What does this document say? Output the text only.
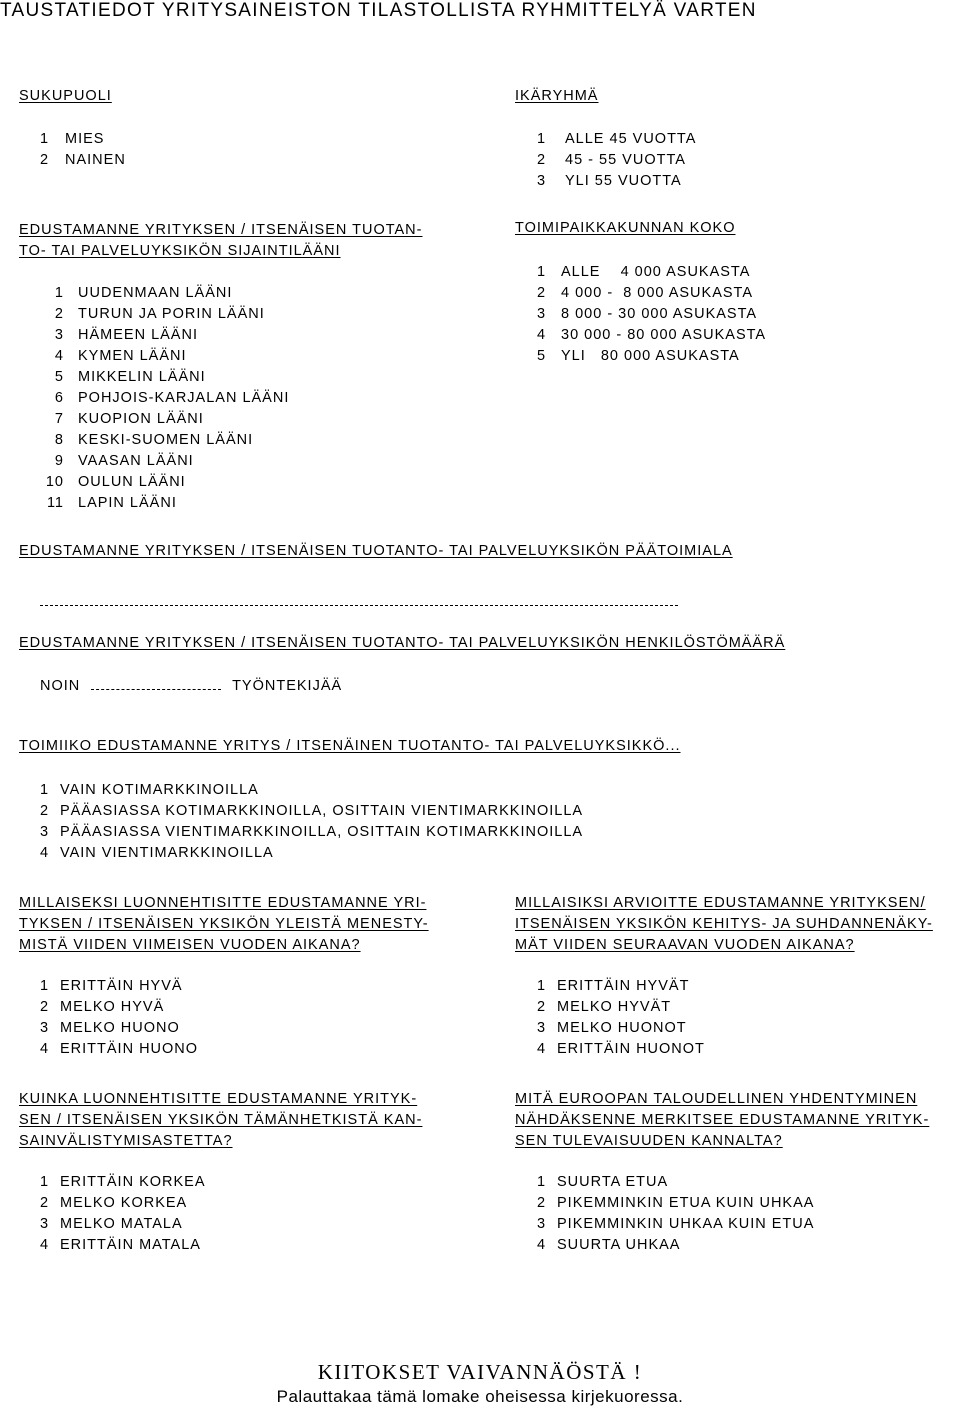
TAUSTATIEDOT YRITYSAINEISTON TILASTOLLISTA RYHMITTELYÄ VARTEN
SUKUPUOLI
1 MIES
2 NAINEN
IKÄRYHMÄ
1 ALLE 45 VUOTTA
2 45 - 55 VUOTTA
3 YLI 55 VUOTTA
EDUSTAMANNE YRITYKSEN / ITSENÄISEN TUOTAN-
TO- TAI PALVELUYKSIKÖN SIJAINTILÄÄNI
1 UUDENMAAN LÄÄNI
2 TURUN JA PORIN LÄÄNI
3 HÄMEEN LÄÄNI
4 KYMEN LÄÄNI
5 MIKKELIN LÄÄNI
6 POHJOIS-KARJALAN LÄÄNI
7 KUOPION LÄÄNI
8 KESKI-SUOMEN LÄÄNI
9 VAASAN LÄÄNI
10 OULUN LÄÄNI
11 LAPIN LÄÄNI
TOIMIPAIKKAKUNNAN KOKO
1 ALLE    4 000 ASUKASTA
2 4 000 -  8 000 ASUKASTA
3 8 000 - 30 000 ASUKASTA
4 30 000 - 80 000 ASUKASTA
5 YLI   80 000 ASUKASTA
EDUSTAMANNE YRITYKSEN / ITSENÄISEN TUOTANTO- TAI PALVELUYKSIKÖN PÄÄTOIMIALA
EDUSTAMANNE YRITYKSEN / ITSENÄISEN TUOTANTO- TAI PALVELUYKSIKÖN HENKILÖSTÖMÄÄRÄ
NOIN	TYÖNTEKIJÄÄ
TOIMIIKO EDUSTAMANNE YRITYS / ITSENÄINEN TUOTANTO- TAI PALVELUYKSIKKÖ...
1 VAIN KOTIMARKKINOILLA
2 PÄÄASIASSA KOTIMARKKINOILLA, OSITTAIN VIENTIMARKKINOILLA
3 PÄÄASIASSA VIENTIMARKKINOILLA, OSITTAIN KOTIMARKKINOILLA
4 VAIN VIENTIMARKKINOILLA
MILLAISEKSI LUONNEHTISITTE EDUSTAMANNE YRI-
TYKSEN / ITSENÄISEN YKSIKÖN YLEISTÄ MENESTY-
MISTÄ VIIDEN VIIMEISEN VUODEN AIKANA?
1 ERITTÄIN HYVÄ
2 MELKO HYVÄ
3 MELKO HUONO
4 ERITTÄIN HUONO
MILLAISIKSI ARVIOITTE EDUSTAMANNE YRITYKSEN/
ITSENÄISEN YKSIKÖN KEHITYS- JA SUHDANNENÄKY-
MÄT VIIDEN SEURAAVAN VUODEN AIKANA?
1 ERITTÄIN HYVÄT
2 MELKO HYVÄT
3 MELKO HUONOT
4 ERITTÄIN HUONOT
KUINKA LUONNEHTISITTE EDUSTAMANNE YRITYK-
SEN / ITSENÄISEN YKSIKÖN TÄMÄNHETKISTÄ KAN-
SAINVÄLISTYMISASTETTA?
1 ERITTÄIN KORKEA
2 MELKO KORKEA
3 MELKO MATALA
4 ERITTÄIN MATALA
MITÄ EUROOPAN TALOUDELLINEN YHDENTYMINEN
NÄHDÄKSENNE MERKITSEE EDUSTAMANNE YRITYK-
SEN TULEVAISUUDEN KANNALTA?
1 SUURTA ETUA
2 PIKEMMINKIN ETUA KUIN UHKAA
3 PIKEMMINKIN UHKAA KUIN ETUA
4 SUURTA UHKAA
KIITOKSET VAIVANNÄÖSTÄ !
Palauttakaa tämä lomake oheisessa kirjekuoressa.
